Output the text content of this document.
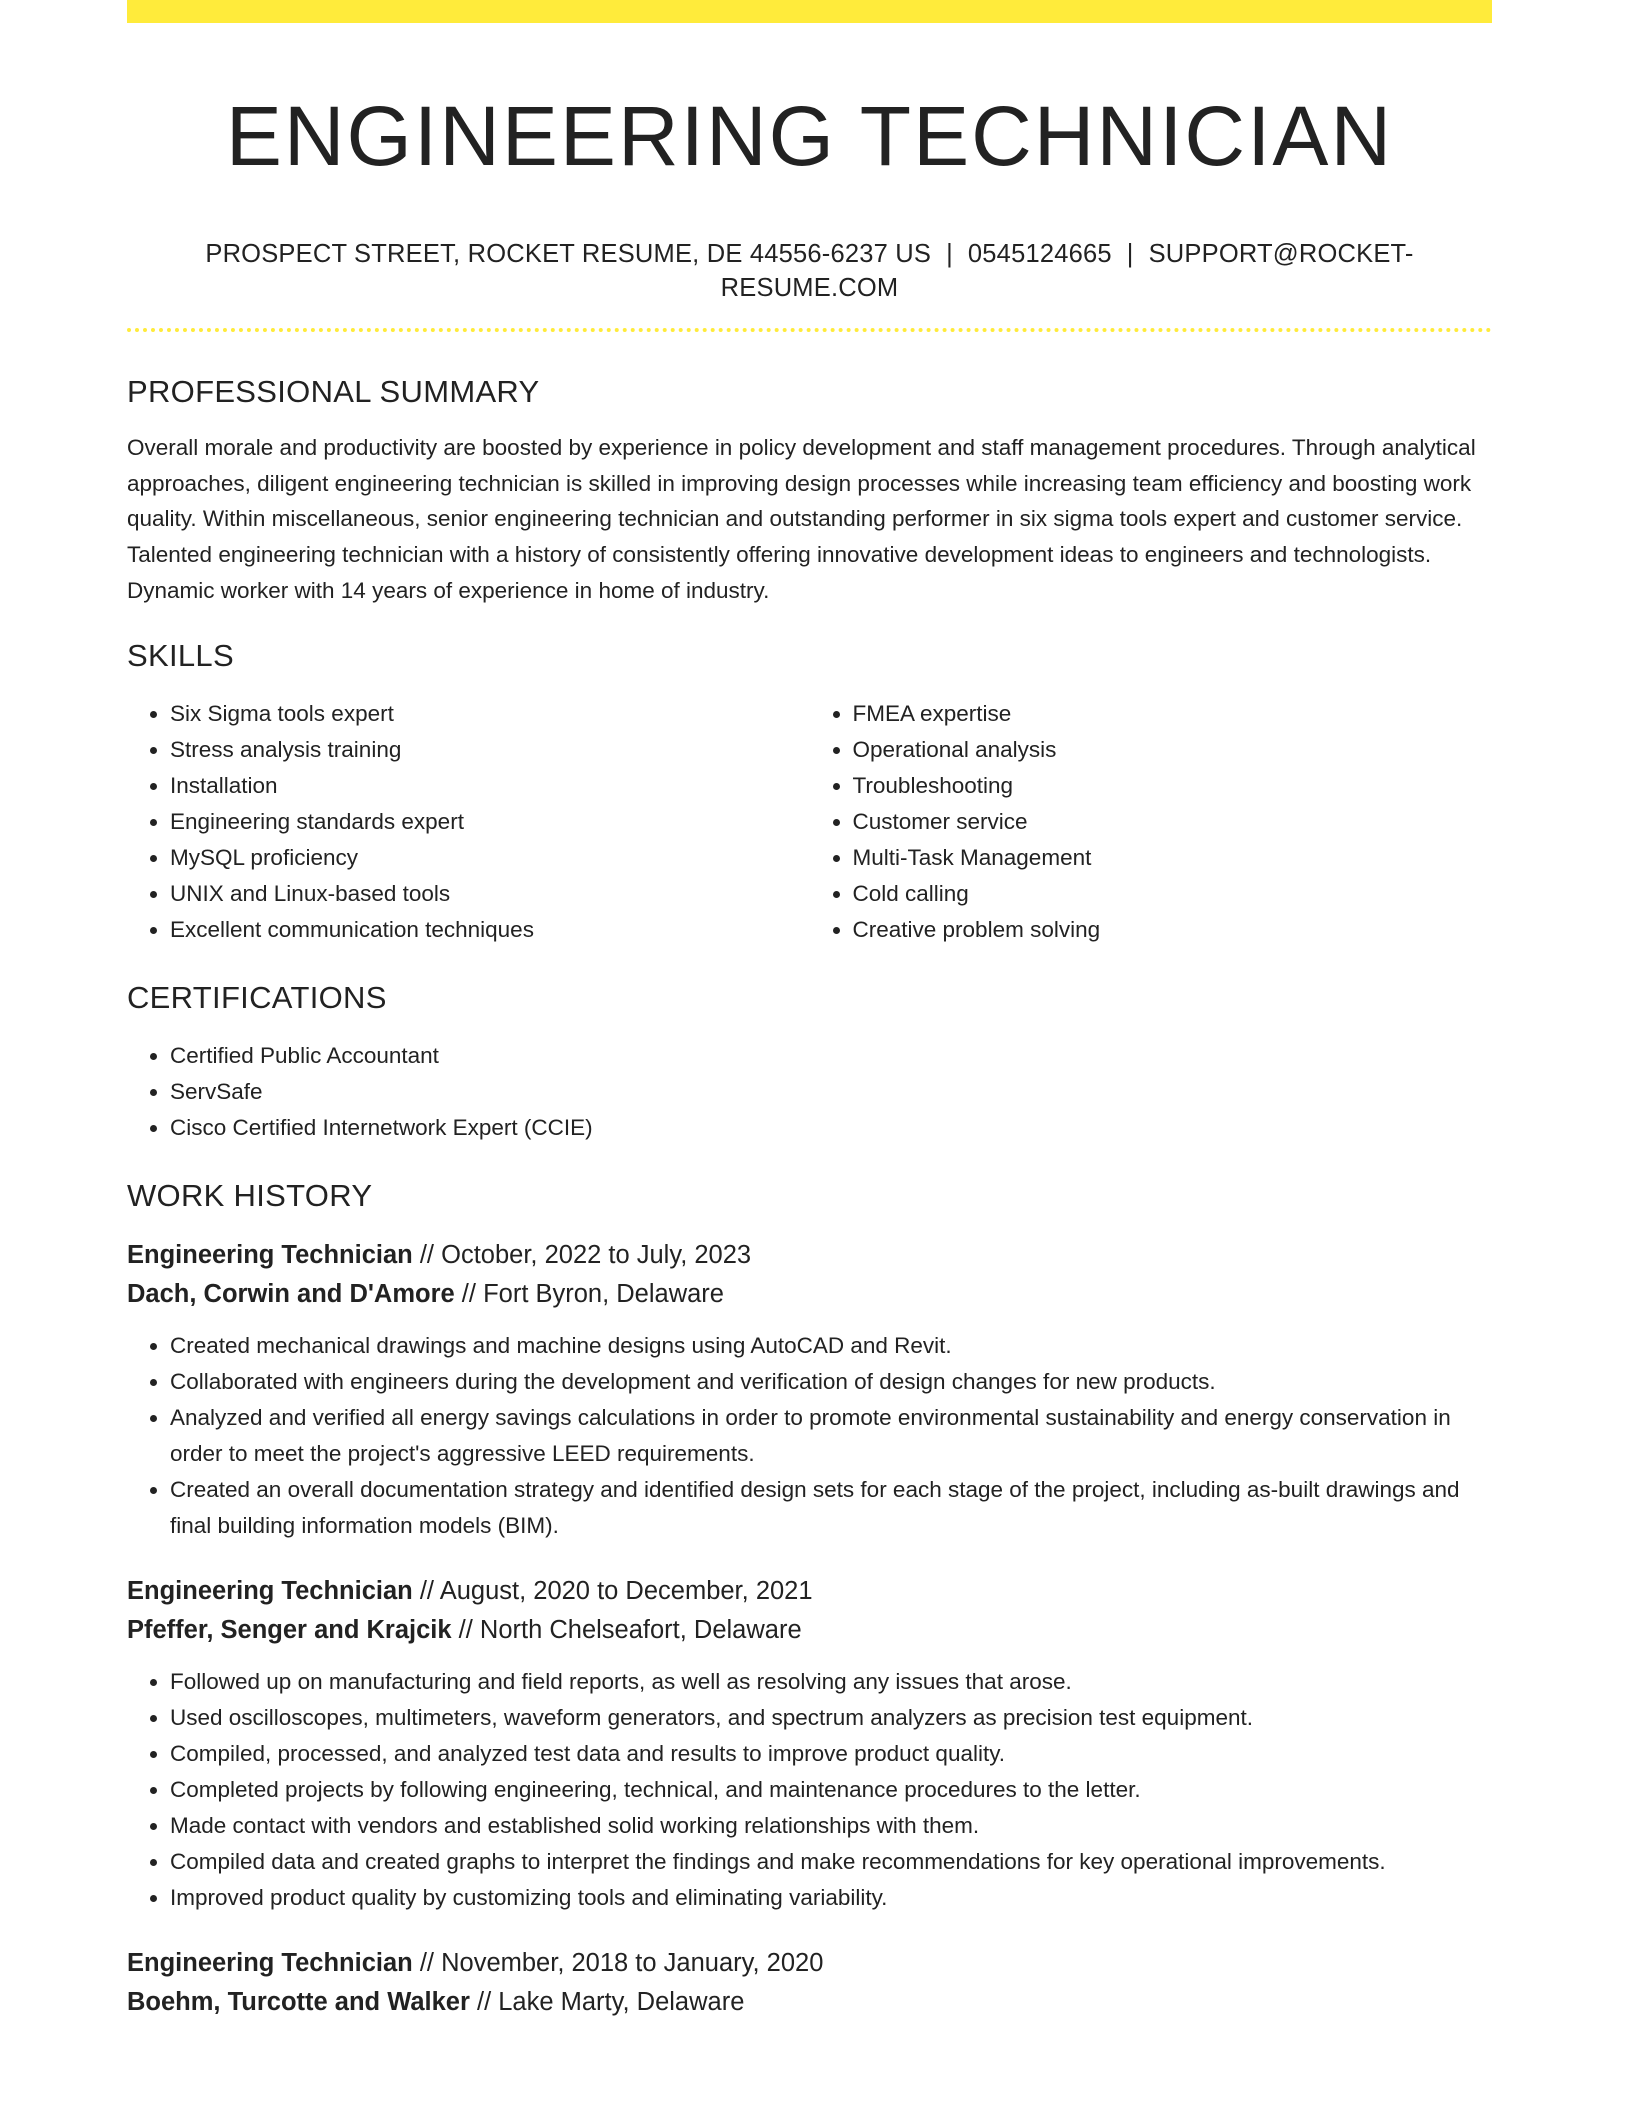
ENGINEERING TECHNICIAN
PROSPECT STREET, ROCKET RESUME, DE 44556-6237 US | 0545124665 | SUPPORT@ROCKET-RESUME.COM
PROFESSIONAL SUMMARY

Overall morale and productivity are boosted by experience in policy development and staff management procedures. Through analytical approaches, diligent engineering technician is skilled in improving design processes while increasing team efficiency and boosting work quality. Within miscellaneous, senior engineering technician and outstanding performer in six sigma tools expert and customer service. Talented engineering technician with a history of consistently offering innovative development ideas to engineers and technologists. Dynamic worker with 14 years of experience in home of industry.

SKILLS
• Six Sigma tools expert
• Stress analysis training
• Installation
• Engineering standards expert
• MySQL proficiency
• UNIX and Linux-based tools
• Excellent communication techniques
• FMEA expertise
• Operational analysis
• Troubleshooting
• Customer service
• Multi-Task Management
• Cold calling
• Creative problem solving
CERTIFICATIONS
• Certified Public Accountant
• ServSafe
• Cisco Certified Internetwork Expert (CCIE)
WORK HISTORY
Engineering Technician // October, 2022 to July, 2023
Dach, Corwin and D'Amore // Fort Byron, Delaware
• Created mechanical drawings and machine designs using AutoCAD and Revit.
• Collaborated with engineers during the development and verification of design changes for new products.
• Analyzed and verified all energy savings calculations in order to promote environmental sustainability and energy conservation in order to meet the project's aggressive LEED requirements.
• Created an overall documentation strategy and identified design sets for each stage of the project, including as-built drawings and final building information models (BIM).
Engineering Technician // August, 2020 to December, 2021
Pfeffer, Senger and Krajcik // North Chelseafort, Delaware
• Followed up on manufacturing and field reports, as well as resolving any issues that arose.
• Used oscilloscopes, multimeters, waveform generators, and spectrum analyzers as precision test equipment.
• Compiled, processed, and analyzed test data and results to improve product quality.
• Completed projects by following engineering, technical, and maintenance procedures to the letter.
• Made contact with vendors and established solid working relationships with them.
• Compiled data and created graphs to interpret the findings and make recommendations for key operational improvements.
• Improved product quality by customizing tools and eliminating variability.
Engineering Technician // November, 2018 to January, 2020
Boehm, Turcotte and Walker // Lake Marty, Delaware
